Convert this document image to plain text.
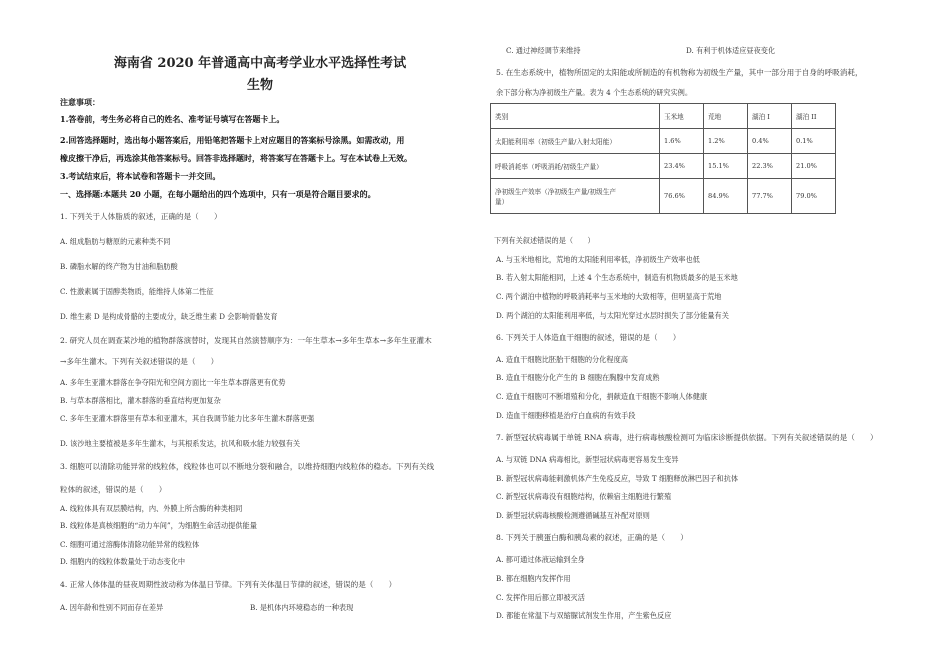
海南省 2020 年普通高中高考学业水平选择性考试
生物
注意事项：
1.答卷前，考生务必将自己的姓名、准考证号填写在答题卡上。
2.回答选择题时，选出每小题答案后，用铅笔把答题卡上对应题目的答案标号涂黑。如需改动，用
橡皮擦干净后，再选涂其他答案标号。回答非选择题时，将答案写在答题卡上。写在本试卷上无效。
3.考试结束后，将本试卷和答题卡一并交回。
一、选择题:本题共 20 小题，在每小题给出的四个选项中，只有一项是符合题目要求的。
1. 下列关于人体脂质的叙述，正确的是（　　）
A. 组成脂肪与糖原的元素种类不同
B. 磷脂水解的终产物为甘油和脂肪酸
C. 性激素属于固醇类物质，能维持人体第二性征
D. 维生素 D 是构成骨骼的主要成分，缺乏维生素 D 会影响骨骼发育
2. 研究人员在调查某沙地的植物群落演替时，发现其自然演替顺序为：一年生草本→多年生草本→多年生亚灌木
→多年生灌木。下列有关叙述错误的是（　　）
A. 多年生亚灌木群落在争夺阳光和空间方面比一年生草本群落更有优势
B. 与草本群落相比，灌木群落的垂直结构更加复杂
C. 多年生亚灌木群落里有草本和亚灌木，其自我调节能力比多年生灌木群落更强
D. 该沙地主要植被是多年生灌木，与其根系发达，抗风和吸水能力较强有关
3. 细胞可以清除功能异常的线粒体，线粒体也可以不断地分裂和融合，以维持细胞内线粒体的稳态。下列有关线
粒体的叙述，错误的是（　　）
A. 线粒体具有双层膜结构，内、外膜上所含酶的种类相同
B. 线粒体是真核细胞的“动力车间”，为细胞生命活动提供能量
C. 细胞可通过溶酶体清除功能异常的线粒体
D. 细胞内的线粒体数量处于动态变化中
4. 正常人体体温的昼夜周期性波动称为体温日节律。下列有关体温日节律的叙述，错误的是（　　）
A. 因年龄和性别不同而存在差异	B. 是机体内环境稳态的一种表现
C. 通过神经调节来维持	D. 有利于机体适应昼夜变化
5. 在生态系统中，植物所固定的太阳能或所制造的有机物称为初级生产量，其中一部分用于自身的呼吸消耗，
余下部分称为净初级生产量。表为 4 个生态系统的研究实例。
类别	玉米地	荒地	湖泊 I	湖泊 II
太阳能利用率（初级生产量/入射太阳能）	1.6%	1.2%	0.4%	0.1%
呼吸消耗率（呼吸消耗/初级生产量）	23.4%	15.1%	22.3%	21.0%
净初级生产效率（净初级生产量/初级生产
量）	76.6%	84.9%	77.7%	79.0%
下列有关叙述错误的是（　　）
A. 与玉米地相比，荒地的太阳能利用率低，净初级生产效率也低
B. 若入射太阳能相同，上述 4 个生态系统中，制造有机物质最多的是玉米地
C. 两个湖泊中植物的呼吸消耗率与玉米地的大致相等，但明显高于荒地
D. 两个湖泊的太阳能利用率低，与太阳光穿过水层时损失了部分能量有关
6. 下列关于人体造血干细胞的叙述，错误的是（　　）
A. 造血干细胞比胚胎干细胞的分化程度高
B. 造血干细胞分化产生的 B 细胞在胸腺中发育成熟
C. 造血干细胞可不断增殖和分化，捐献造血干细胞不影响人体健康
D. 造血干细胞移植是治疗白血病的有效手段
7. 新型冠状病毒属于单链 RNA 病毒，进行病毒核酸检测可为临床诊断提供依据。下列有关叙述错误的是（　　）
A. 与双链 DNA 病毒相比，新型冠状病毒更容易发生变异
B. 新型冠状病毒能刺激机体产生免疫反应，导致 T 细胞释放淋巴因子和抗体
C. 新型冠状病毒没有细胞结构，依赖宿主细胞进行繁殖
D. 新型冠状病毒核酸检测遵循碱基互补配对原则
8. 下列关于胰蛋白酶和胰岛素的叙述，正确的是（　　）
A. 都可通过体液运输到全身
B. 都在细胞内发挥作用
C. 发挥作用后都立即被灭活
D. 都能在常温下与双缩脲试剂发生作用，产生紫色反应
